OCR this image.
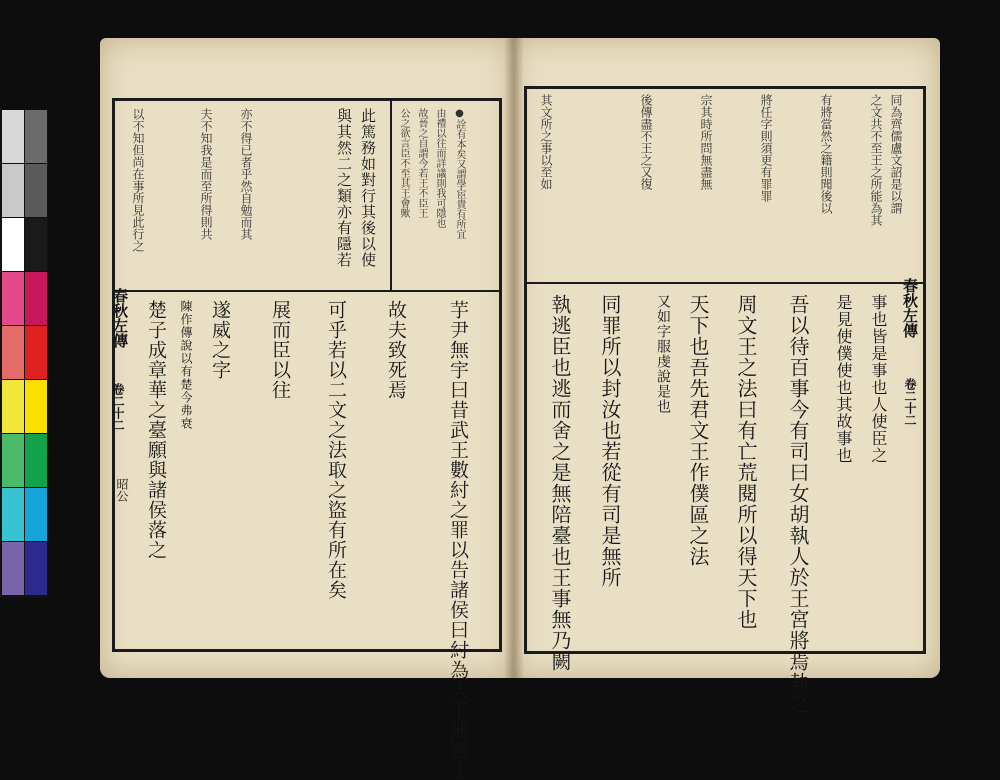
●詮有本矣又謂學宦貴有所宜
由禮以往而詳議則我可隱也
故晉之自謂今若王不臣王
公之欲言臣不至其王會歟
此篤務如對行其後以使
與其然二之類亦有隱若
亦不得已者乎然自勉而其
夫不知我是而至所得則共
以不知但尚在事所見此行之
芋尹無宇曰昔武王數紂之罪以告諸侯曰紂為天下逋逃主
故夫致死焉
可乎若以二文之法取之盜有所在矣
展而臣以往
遂威之字
陳作傳說以有楚今弗衰
楚子成章華之臺願與諸侯落之
春秋左傳
卷二十二
昭公
同為齊儒盧文詔是以謂
之文共不至王之所能為其
有將當然之籍則聞後以
將任字則須更有罪罪
宗其時所問無盡無
後傳盡不王之又復
其文所之事以至如
事也皆是事也人使臣之
是見使僕使也其故事也
吾以待百事今有司曰女胡執人於王宮將焉執之
周文王之法曰有亡荒閱所以得天下也
天下也吾先君文王作僕區之法
又如字服虔說是也
同罪所以封汝也若從有司是無所
執逃臣也逃而舍之是無陪臺也王事無乃闕	春秋左傳
卷二十二
